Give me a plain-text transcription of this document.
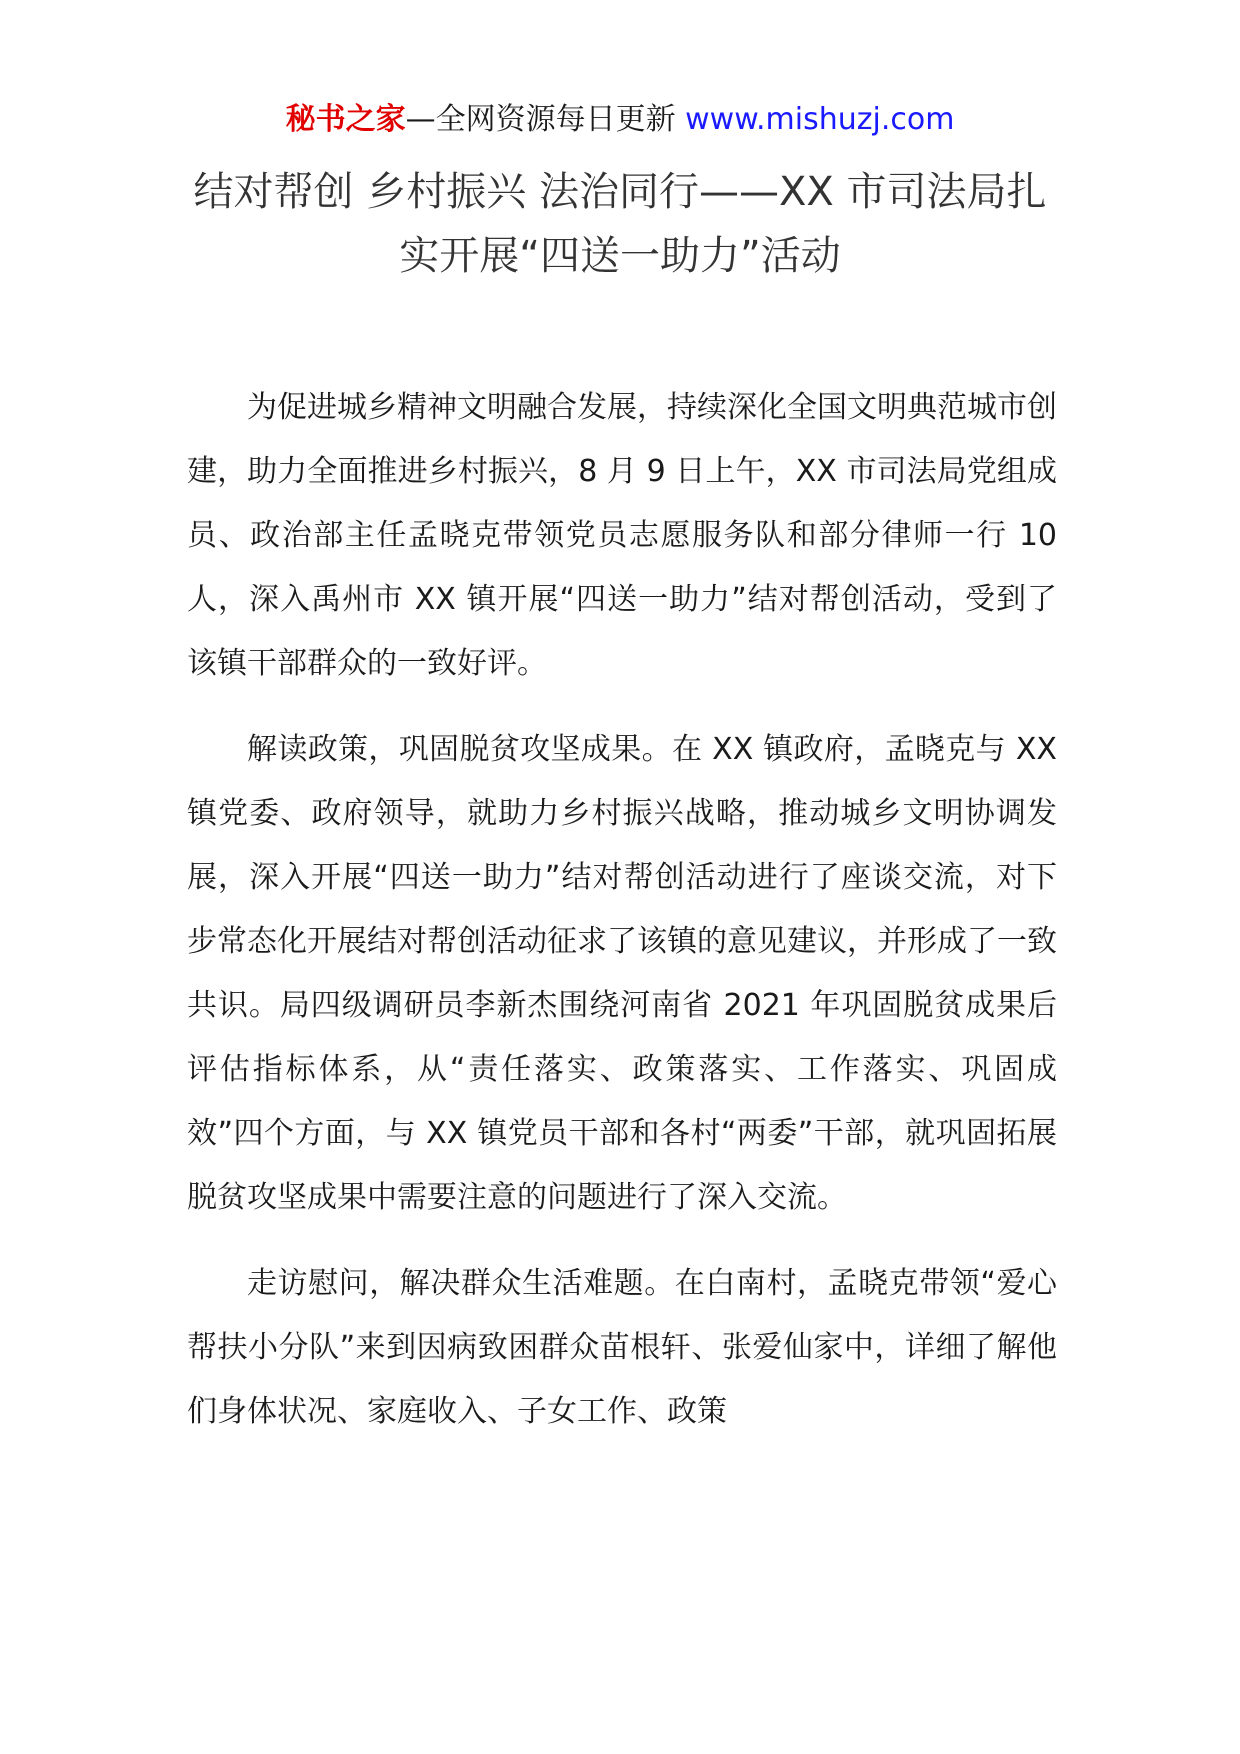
秘书之家—全网资源每日更新 www.mishuzj.com
结对帮创 乡村振兴 法治同行——XX 市司法局扎实开展“四送一助力”活动

为促进城乡精神文明融合发展，持续深化全国文明典范城市创建，助力全面推进乡村振兴，8 月 9 日上午，XX 市司法局党组成员、政治部主任孟晓克带领党员志愿服务队和部分律师一行 10 人，深入禹州市 XX 镇开展“四送一助力”结对帮创活动，受到了该镇干部群众的一致好评。

解读政策，巩固脱贫攻坚成果。在 XX 镇政府，孟晓克与 XX 镇党委、政府领导，就助力乡村振兴战略，推动城乡文明协调发展，深入开展“四送一助力”结对帮创活动进行了座谈交流，对下步常态化开展结对帮创活动征求了该镇的意见建议，并形成了一致共识。局四级调研员李新杰围绕河南省 2021 年巩固脱贫成果后评估指标体系，从“责任落实、政策落实、工作落实、巩固成效”四个方面，与 XX 镇党员干部和各村“两委”干部，就巩固拓展脱贫攻坚成果中需要注意的问题进行了深入交流。

走访慰问，解决群众生活难题。在白南村，孟晓克带领“爱心帮扶小分队”来到因病致困群众苗根轩、张爱仙家中，详细了解他们身体状况、家庭收入、子女工作、政策
